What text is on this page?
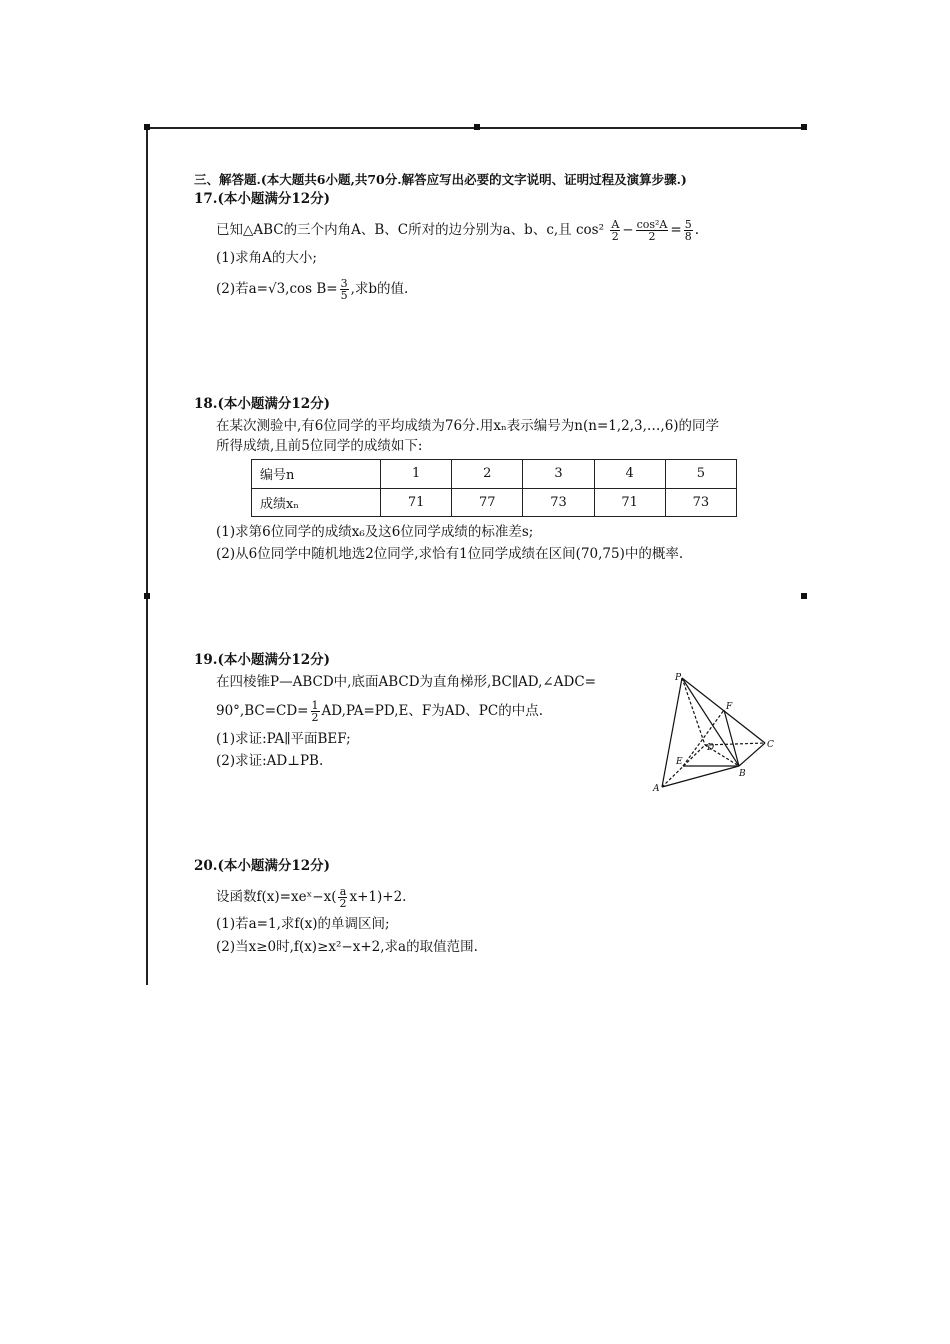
三、解答题.(本大题共6小题,共70分.解答应写出必要的文字说明、证明过程及演算步骤.)
17.(本小题满分12分)
已知△ABC的三个内角A、B、C所对的边分别为a、b、c,且 $\cos^2 \frac{A}{2} - \frac{\text{cos²A}}{2} = \frac{5}{8}$ .
(1)求角A的大小;
(2)若a=√3,cos $B= \frac{3}{5}$ ,求b的值.
18.(本小题满分12分)
在某次测验中,有6位同学的平均成绩为76分.用xₙ表示编号为n(n=1,2,3,…,6)的同学
所得成绩,且前5位同学的成绩如下:
编号n	1	2	3	4	5
成绩xₙ	71	77	73	71	73
(1)求第6位同学的成绩x₆及这6位同学成绩的标准差s;
(2)从6位同学中随机地选2位同学,求恰有1位同学成绩在区间(70,75)中的概率.
19.(本小题满分12分)
在四棱锥P—ABCD中,底面ABCD为直角梯形,BC∥AD,∠ADC=
$90^\circ,BC=CD= \frac{1}{2} AD,PA=PD,E$、F为AD、PC的中点.
(1)求证:PA∥平面BEF;
(2)求证:AD⊥PB.
P
F
D	C
E
B
A
20.(本小题满分12分)
设函数f(x)=xeˣ−x( $\frac{a}{2} x+1)+2$.
(1)若a=1,求f(x)的单调区间;
(2)当x≥0时,f(x)≥x²−x+2,求a的取值范围.
